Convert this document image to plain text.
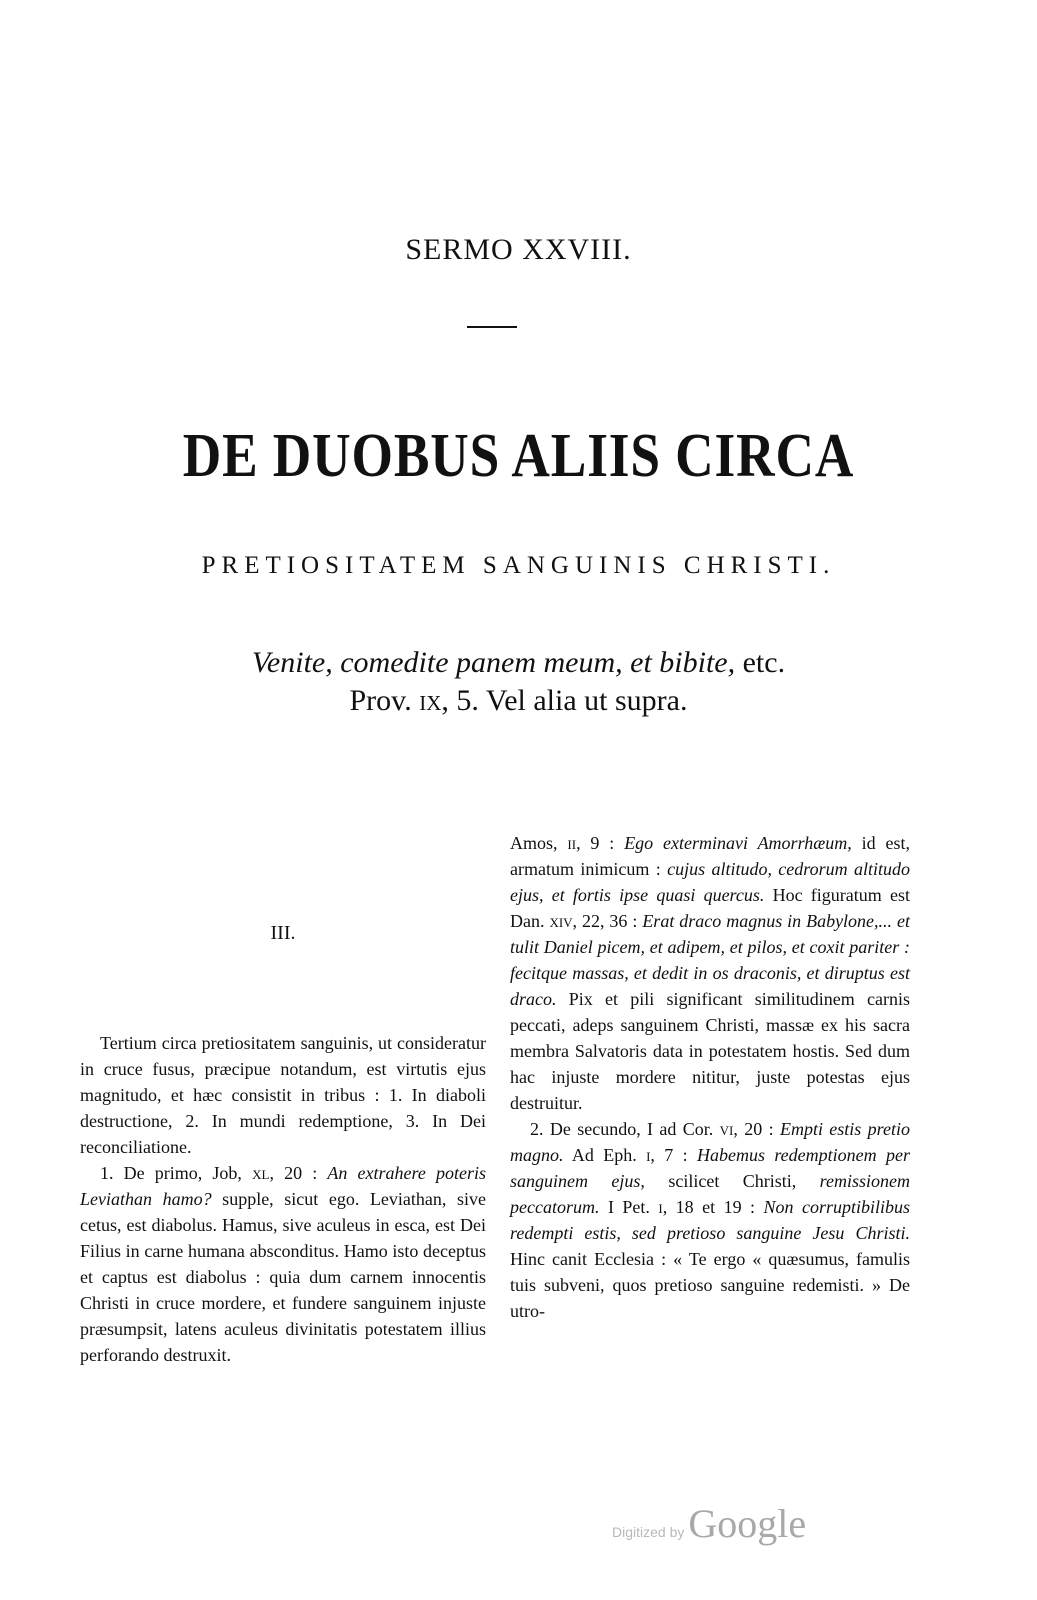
SERMO XXVIII.
DE DUOBUS ALIIS CIRCA
PRETIOSITATEM SANGUINIS CHRISTI.
Venite, comedite panem meum, et bibite, etc.
Prov. ix, 5. Vel alia ut supra.
III.

Tertium circa pretiositatem sanguinis, ut consideratur in cruce fusus, præcipue notandum, est virtutis ejus magnitudo, et hæc consistit in tribus : 1. In diaboli destructione, 2. In mundi redemptione, 3. In Dei reconciliatione.

1. De primo, Job, xl, 20 : An extrahere poteris Leviathan hamo? supple, sicut ego. Leviathan, sive cetus, est diabolus. Hamus, sive aculeus in esca, est Dei Filius in carne humana absconditus. Hamo isto deceptus et captus est diabolus : quia dum carnem innocentis Christi in cruce mordere, et fundere sanguinem injuste præsumpsit, latens aculeus divinitatis potestatem illius perforando destruxit.

Amos, ii, 9 : Ego exterminavi Amorrhæum, id est, armatum inimicum : cujus altitudo, cedrorum altitudo ejus, et fortis ipse quasi quercus. Hoc figuratum est Dan. xiv, 22, 36 : Erat draco magnus in Babylone,... et tulit Daniel picem, et adipem, et pilos, et coxit pariter : fecitque massas, et dedit in os draconis, et diruptus est draco. Pix et pili significant similitudinem carnis peccati, adeps sanguinem Christi, massæ ex his sacra membra Salvatoris data in potestatem hostis. Sed dum hac injuste mordere nititur, juste potestas ejus destruitur.

2. De secundo, I ad Cor. vi, 20 : Empti estis pretio magno. Ad Eph. i, 7 : Habemus redemptionem per sanguinem ejus, scilicet Christi, remissionem peccatorum. I Pet. i, 18 et 19 : Non corruptibilibus redempti estis, sed pretioso sanguine Jesu Christi. Hinc canit Ecclesia : « Te ergo « quæsumus, famulis tuis subveni, quos pretioso sanguine redemisti. » De utro-

Digitized by Google
